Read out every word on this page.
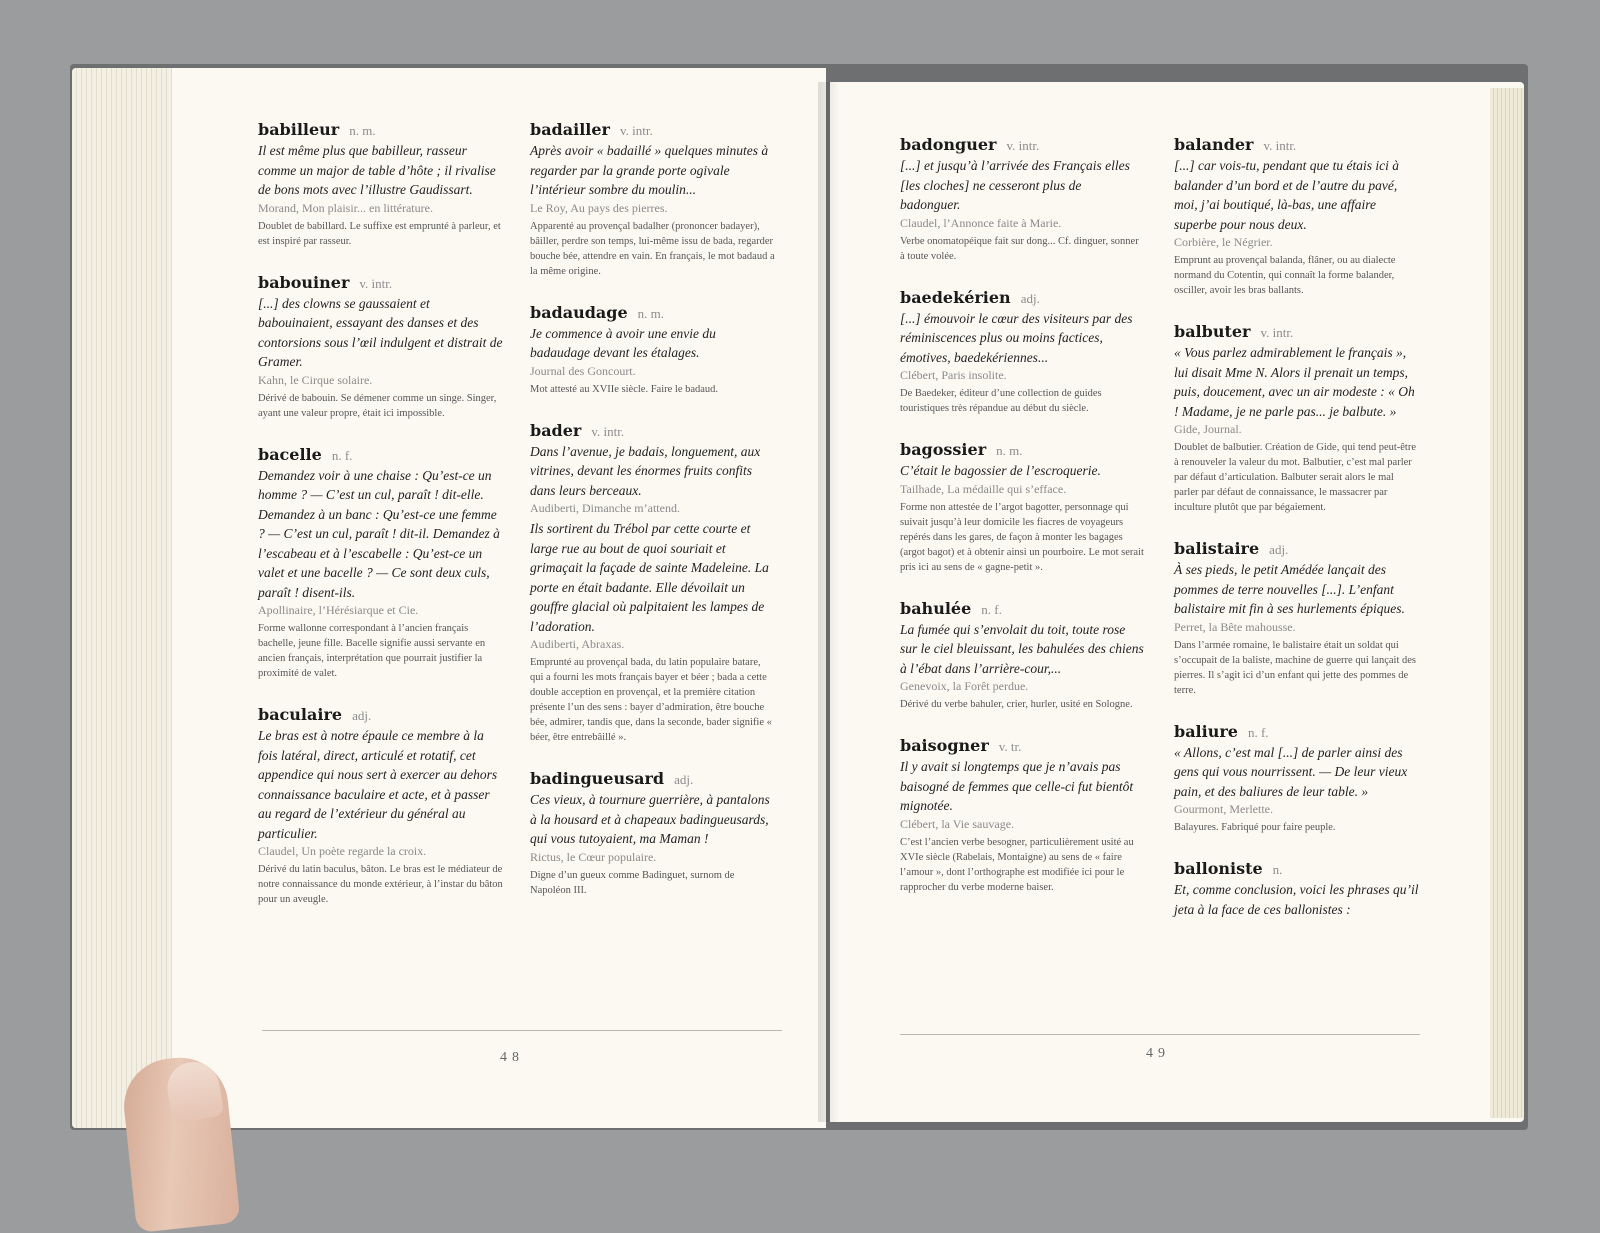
babilleur n. m.
Il est même plus que babilleur, rasseur comme un major de table d’hôte ; il rivalise de bons mots avec l’illustre Gaudissart.
Morand, Mon plaisir... en littérature.
Doublet de babillard. Le suffixe est emprunté à parleur, et est inspiré par rasseur.
babouiner v. intr.
[...] des clowns se gaussaient et babouinaient, essayant des danses et des contorsions sous l’œil indulgent et distrait de Gramer.
Kahn, le Cirque solaire.
Dérivé de babouin. Se démener comme un singe. Singer, ayant une valeur propre, était ici impossible.
bacelle n. f.
Demandez voir à une chaise : Qu’est-ce un homme ? — C’est un cul, paraît ! dit-elle. Demandez à un banc : Qu’est-ce une femme ? — C’est un cul, paraît ! dit-il. Demandez à l’escabeau et à l’escabelle : Qu’est-ce un valet et une bacelle ? — Ce sont deux culs, paraît ! disent-ils.
Apollinaire, l’Hérésiarque et Cie.
Forme wallonne correspondant à l’ancien français bachelle, jeune fille. Bacelle signifie aussi servante en ancien français, interprétation que pourrait justifier la proximité de valet.
baculaire adj.
Le bras est à notre épaule ce membre à la fois latéral, direct, articulé et rotatif, cet appendice qui nous sert à exercer au dehors connaissance baculaire et acte, et à passer au regard de l’extérieur du général au particulier.
Claudel, Un poète regarde la croix.
Dérivé du latin baculus, bâton. Le bras est le médiateur de notre connaissance du monde extérieur, à l’instar du bâton pour un aveugle.
badailler v. intr.
Après avoir « badaillé » quelques minutes à regarder par la grande porte ogivale l’intérieur sombre du moulin...
Le Roy, Au pays des pierres.
Apparenté au provençal badalher (prononcer badayer), bâiller, perdre son temps, lui-même issu de bada, regarder bouche bée, attendre en vain. En français, le mot badaud a la même origine.
badaudage n. m.
Je commence à avoir une envie du badaudage devant les étalages.
Journal des Goncourt.
Mot attesté au XVIIe siècle. Faire le badaud.
bader v. intr.
Dans l’avenue, je badais, longuement, aux vitrines, devant les énormes fruits confits dans leurs berceaux.
Audiberti, Dimanche m’attend.
Ils sortirent du Trébol par cette courte et large rue au bout de quoi souriait et grimaçait la façade de sainte Madeleine. La porte en était badante. Elle dévoilait un gouffre glacial où palpitaient les lampes de l’adoration.
Audiberti, Abraxas.
Emprunté au provençal bada, du latin populaire batare, qui a fourni les mots français bayer et béer ; bada a cette double acception en provençal, et la première citation présente l’un des sens : bayer d’admiration, être bouche bée, admirer, tandis que, dans la seconde, bader signifie « béer, être entrebâillé ».
badingueusard adj.
Ces vieux, à tournure guerrière, à pantalons à la housard et à chapeaux badingueusards, qui vous tutoyaient, ma Maman !
Rictus, le Cœur populaire.
Digne d’un gueux comme Badinguet, surnom de Napoléon III.
badonguer v. intr.
[...] et jusqu’à l’arrivée des Français elles [les cloches] ne cesseront plus de badonguer.
Claudel, l’Annonce faite à Marie.
Verbe onomatopéique fait sur dong... Cf. dinguer, sonner à toute volée.
baedekérien adj.
[...] émouvoir le cœur des visiteurs par des réminiscences plus ou moins factices, émotives, baedekériennes...
Clébert, Paris insolite.
De Baedeker, éditeur d’une collection de guides touristiques très répandue au début du siècle.
bagossier n. m.
C’était le bagossier de l’escroquerie.
Tailhade, La médaille qui s’efface.
Forme non attestée de l’argot bagotter, personnage qui suivait jusqu’à leur domicile les fiacres de voyageurs repérés dans les gares, de façon à monter les bagages (argot bagot) et à obtenir ainsi un pourboire. Le mot serait pris ici au sens de « gagne-petit ».
bahulée n. f.
La fumée qui s’envolait du toit, toute rose sur le ciel bleuissant, les bahulées des chiens à l’ébat dans l’arrière-cour,...
Genevoix, la Forêt perdue.
Dérivé du verbe bahuler, crier, hurler, usité en Sologne.
baisogner v. tr.
Il y avait si longtemps que je n’avais pas baisogné de femmes que celle-ci fut bientôt mignotée.
Clébert, la Vie sauvage.
C’est l’ancien verbe besogner, particulièrement usité au XVIe siècle (Rabelais, Montaigne) au sens de « faire l’amour », dont l’orthographe est modifiée ici pour le rapprocher du verbe moderne baiser.
balander v. intr.
[...] car vois-tu, pendant que tu étais ici à balander d’un bord et de l’autre du pavé, moi, j’ai boutiqué, là-bas, une affaire superbe pour nous deux.
Corbière, le Négrier.
Emprunt au provençal balanda, flâner, ou au dialecte normand du Cotentin, qui connaît la forme balander, osciller, avoir les bras ballants.
balbuter v. intr.
« Vous parlez admirablement le français », lui disait Mme N. Alors il prenait un temps, puis, doucement, avec un air modeste : « Oh ! Madame, je ne parle pas... je balbute. »
Gide, Journal.
Doublet de balbutier. Création de Gide, qui tend peut-être à renouveler la valeur du mot. Balbutier, c’est mal parler par défaut d’articulation. Balbuter serait alors le mal parler par défaut de connaissance, le massacrer par inculture plutôt que par bégaiement.
balistaire adj.
À ses pieds, le petit Amédée lançait des pommes de terre nouvelles [...]. L’enfant balistaire mit fin à ses hurlements épiques.
Perret, la Bête mahousse.
Dans l’armée romaine, le balistaire était un soldat qui s’occupait de la baliste, machine de guerre qui lançait des pierres. Il s’agit ici d’un enfant qui jette des pommes de terre.
baliure n. f.
« Allons, c’est mal [...] de parler ainsi des gens qui vous nourrissent. — De leur vieux pain, et des baliures de leur table. »
Gourmont, Merlette.
Balayures. Fabriqué pour faire peuple.
balloniste n.
Et, comme conclusion, voici les phrases qu’il jeta à la face de ces ballonistes :
48	49
